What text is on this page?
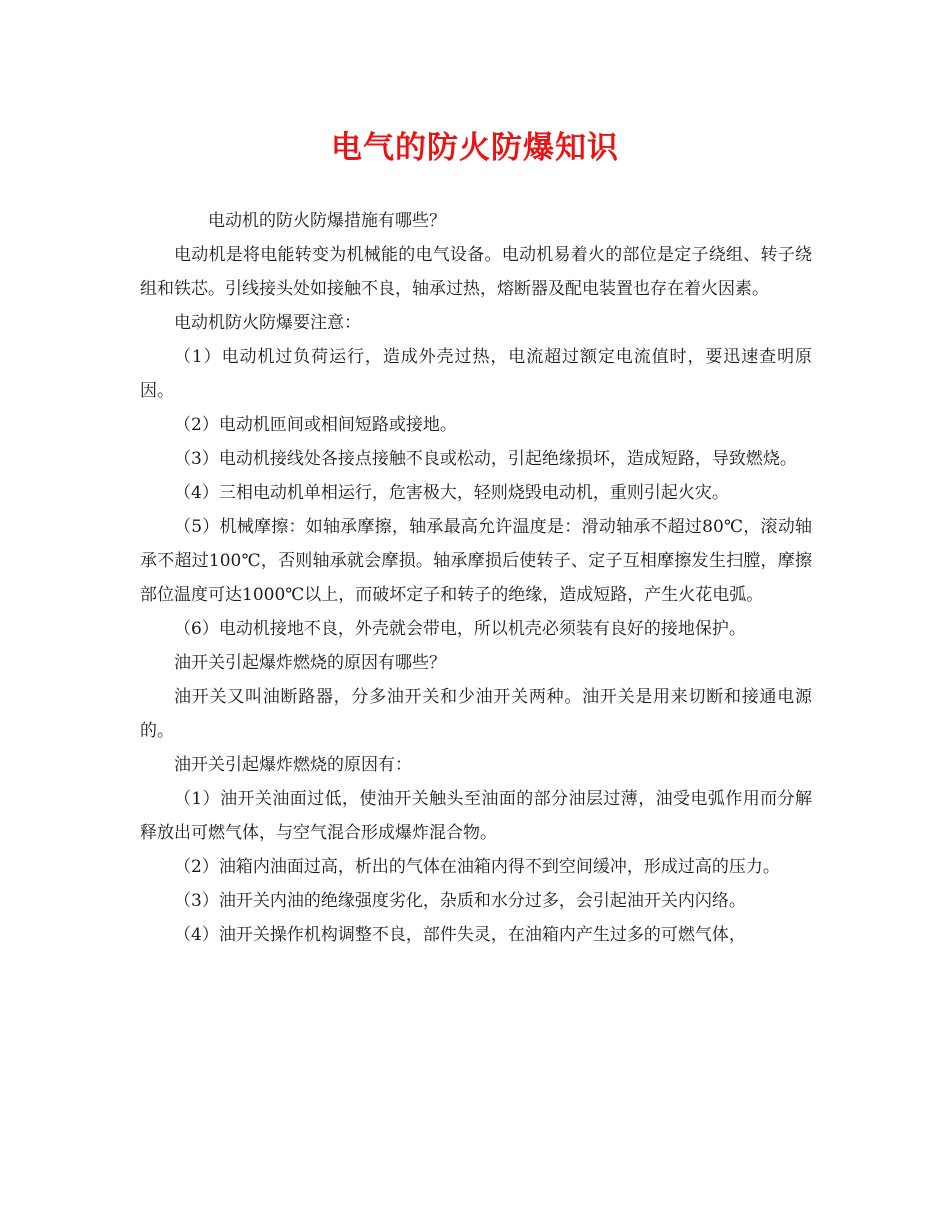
电气的防火防爆知识

电动机的防火防爆措施有哪些？

电动机是将电能转变为机械能的电气设备。电动机易着火的部位是定子绕组、转子绕组和铁芯。引线接头处如接触不良，轴承过热，熔断器及配电装置也存在着火因素。

电动机防火防爆要注意：

（1）电动机过负荷运行，造成外壳过热，电流超过额定电流值时，要迅速查明原因。

（2）电动机匝间或相间短路或接地。

（3）电动机接线处各接点接触不良或松动，引起绝缘损坏，造成短路，导致燃烧。

（4）三相电动机单相运行，危害极大，轻则烧毁电动机，重则引起火灾。

（5）机械摩擦：如轴承摩擦，轴承最高允许温度是：滑动轴承不超过80℃，滚动轴承不超过100℃，否则轴承就会摩损。轴承摩损后使转子、定子互相摩擦发生扫膛，摩擦部位温度可达1000℃以上，而破坏定子和转子的绝缘，造成短路，产生火花电弧。

（6）电动机接地不良，外壳就会带电，所以机壳必须装有良好的接地保护。

油开关引起爆炸燃烧的原因有哪些？

油开关又叫油断路器，分多油开关和少油开关两种。油开关是用来切断和接通电源的。

油开关引起爆炸燃烧的原因有：

（1）油开关油面过低，使油开关触头至油面的部分油层过薄，油受电弧作用而分解释放出可燃气体，与空气混合形成爆炸混合物。

（2）油箱内油面过高，析出的气体在油箱内得不到空间缓冲，形成过高的压力。

（3）油开关内油的绝缘强度劣化，杂质和水分过多，会引起油开关内闪络。

（4）油开关操作机构调整不良，部件失灵，在油箱内产生过多的可燃气体，
